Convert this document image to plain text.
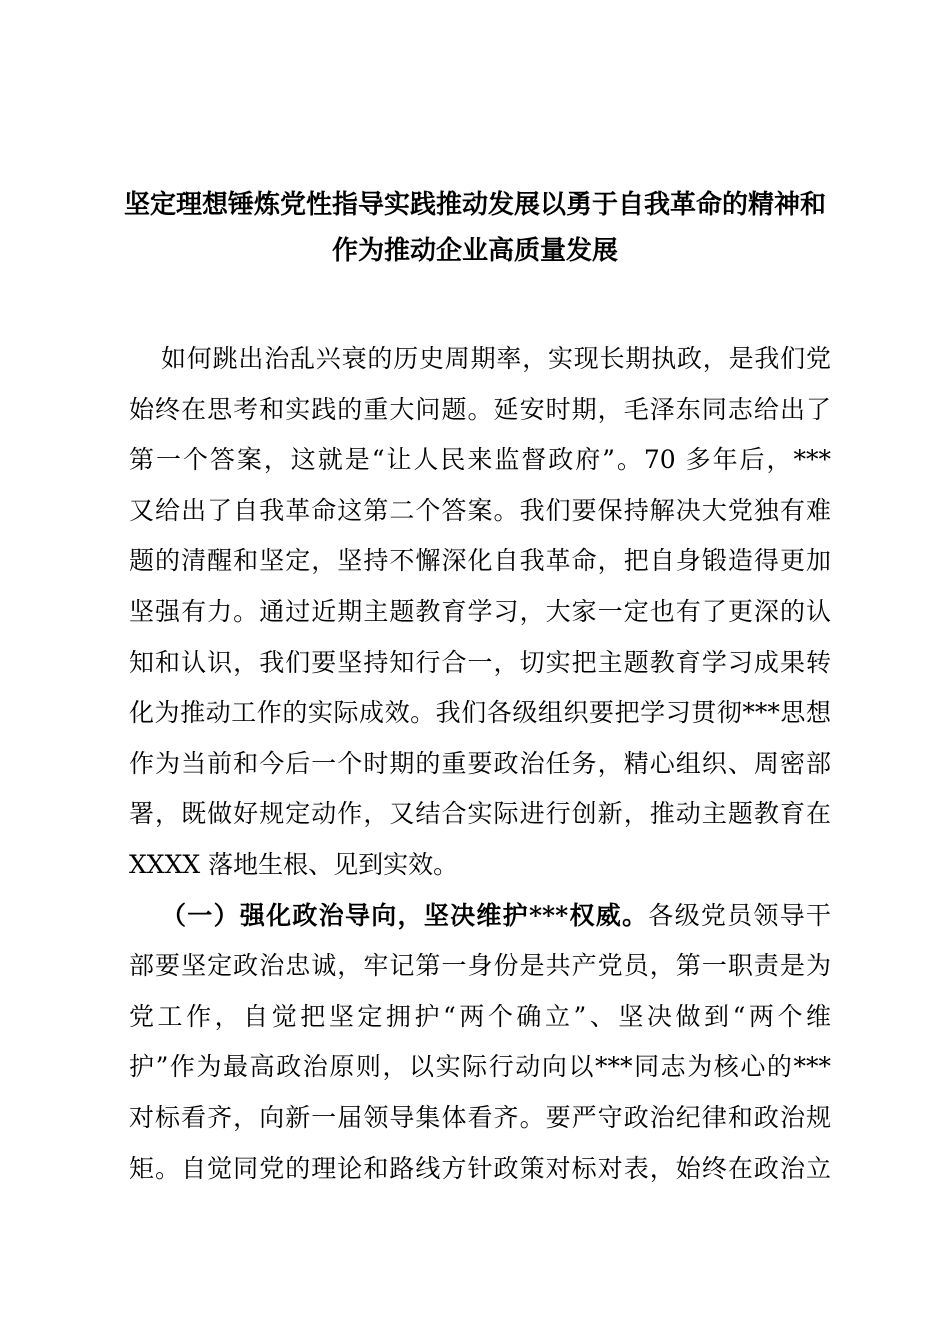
坚定理想锤炼党性指导实践推动发展以勇于自我革命的精神和
作为推动企业高质量发展
如何跳出治乱兴衰的历史周期率，实现长期执政，是我们党
始终在思考和实践的重大问题。延安时期，毛泽东同志给出了
第一个答案，这就是“让人民来监督政府”。70 多年后，***
又给出了自我革命这第二个答案。我们要保持解决大党独有难
题的清醒和坚定，坚持不懈深化自我革命，把自身锻造得更加
坚强有力。通过近期主题教育学习，大家一定也有了更深的认
知和认识，我们要坚持知行合一，切实把主题教育学习成果转
化为推动工作的实际成效。我们各级组织要把学习贯彻***思想
作为当前和今后一个时期的重要政治任务，精心组织、周密部
署，既做好规定动作，又结合实际进行创新，推动主题教育在
XXXX 落地生根、见到实效。
（一）强化政治导向，坚决维护***权威。各级党员领导干
部要坚定政治忠诚，牢记第一身份是共产党员，第一职责是为
党工作，自觉把坚定拥护“两个确立”、坚决做到“两个维
护”作为最高政治原则，以实际行动向以***同志为核心的***
对标看齐，向新一届领导集体看齐。要严守政治纪律和政治规
矩。自觉同党的理论和路线方针政策对标对表，始终在政治立
